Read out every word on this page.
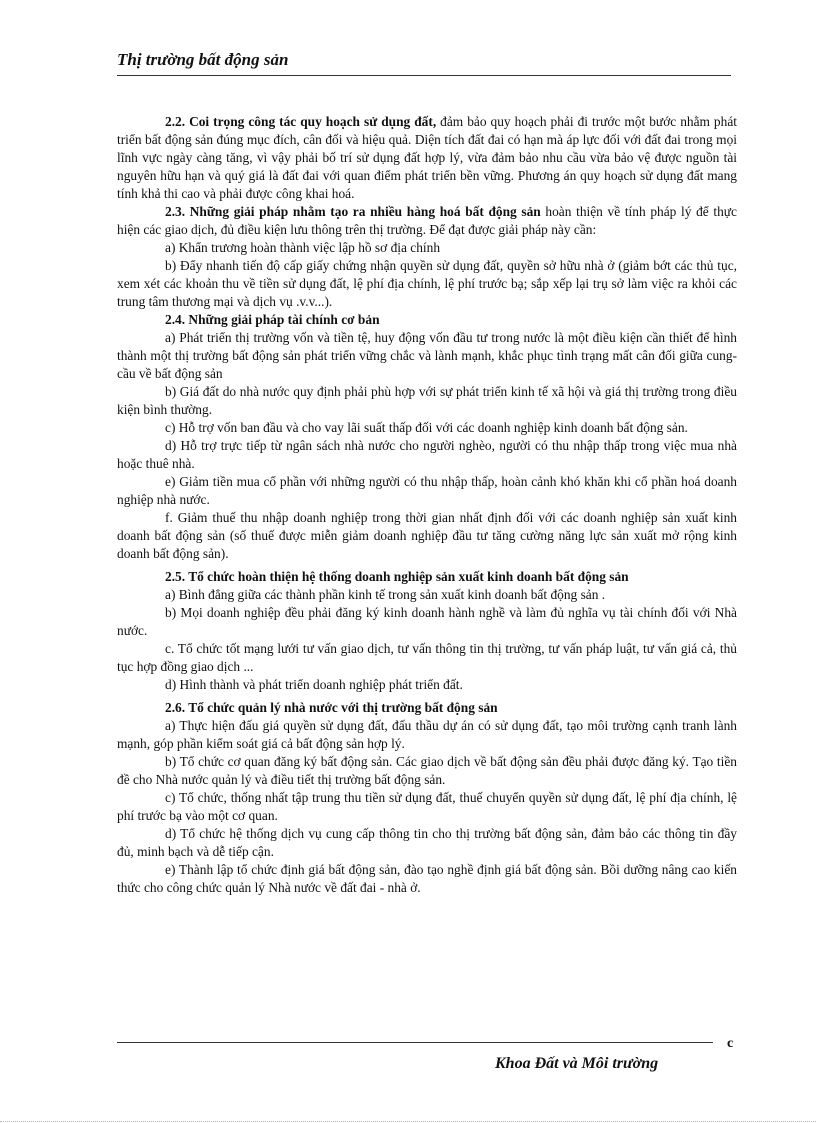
Thị trường bất động sản

2.2. Coi trọng công tác quy hoạch sử dụng đất, đảm bảo quy hoạch phải đi trước một bước nhằm phát triển bất động sản đúng mục đích, cân đối và hiệu quả. Diện tích đất đai có hạn mà áp lực đối với đất đai trong mọi lĩnh vực ngày càng tăng, vì vậy phải bố trí sử dụng đất hợp lý, vừa đảm bảo nhu cầu vừa bảo vệ được nguồn tài nguyên hữu hạn và quý giá là đất đai với quan điểm phát triển bền vững. Phương án quy hoạch sử dụng đất mang tính khả thi cao và phải được công khai hoá.

2.3. Những giải pháp nhằm tạo ra nhiều hàng hoá bất động sản hoàn thiện về tính pháp lý để thực hiện các giao dịch, đủ điều kiện lưu thông trên thị trường. Để đạt được giải pháp này cần:

a) Khẩn trương hoàn thành việc lập hồ sơ địa chính

b) Đẩy nhanh tiến độ cấp giấy chứng nhận quyền sử dụng đất, quyền sở hữu nhà ở (giảm bớt các thủ tục, xem xét các khoản thu về tiền sử dụng đất, lệ phí địa chính, lệ phí trước bạ; sắp xếp lại trụ sở làm việc ra khỏi các trung tâm thương mại và dịch vụ .v.v...).

2.4. Những giải pháp tài chính cơ bản

a) Phát triển thị trường vốn và tiền tệ, huy động vốn đầu tư trong nước là một điều kiện cần thiết để hình thành một thị trường bất động sản phát triển vững chắc và lành mạnh, khắc phục tình trạng mất cân đối giữa cung-cầu về bất động sản

b) Giá đất do nhà nước quy định phải phù hợp với sự phát triển kinh tế xã hội và giá thị trường trong điều kiện bình thường.

c) Hỗ trợ vốn ban đầu và cho vay lãi suất thấp đối với các doanh nghiệp kinh doanh bất động sản.

d) Hỗ trợ trực tiếp từ ngân sách nhà nước cho người nghèo, người có thu nhập thấp trong việc mua nhà hoặc thuê nhà.

e) Giảm tiền mua cổ phần với những người có thu nhập thấp, hoàn cảnh khó khăn khi cổ phần hoá doanh nghiệp nhà nước.

f. Giảm thuế thu nhập doanh nghiệp trong thời gian nhất định đối với các doanh nghiệp sản xuất kinh doanh bất động sản (số thuế được miễn giảm doanh nghiệp đầu tư tăng cường năng lực sản xuất mở rộng kinh doanh bất động sản).

2.5. Tổ chức hoàn thiện hệ thống doanh nghiệp sản xuất kinh doanh bất động sản

a) Bình đẳng giữa các thành phần kinh tế trong sản xuất kinh doanh bất động sản .

b) Mọi doanh nghiệp đều phải đăng ký kinh doanh hành nghề và làm đủ nghĩa vụ tài chính đối với Nhà nước.

c. Tổ chức tốt mạng lưới tư vấn giao dịch, tư vấn thông tin thị trường, tư vấn pháp luật, tư vấn giá cả, thủ tục hợp đồng giao dịch ...

d) Hình thành và phát triển doanh nghiệp phát triển đất.

2.6. Tổ chức quản lý nhà nước với thị trường bất động sản

a) Thực hiện đấu giá quyền sử dụng đất, đấu thầu dự án có sử dụng đất, tạo môi trường cạnh tranh lành mạnh, góp phần kiểm soát giá cả bất động sản hợp lý.

b) Tổ chức cơ quan đăng ký bất động sản. Các giao dịch về bất động sản đều phải được đăng ký. Tạo tiền đề cho Nhà nước quản lý và điều tiết thị trường bất động sản.

c) Tổ chức, thống nhất tập trung thu tiền sử dụng đất, thuế chuyển quyền sử dụng đất, lệ phí địa chính, lệ phí trước bạ vào một cơ quan.

d) Tổ chức hệ thống dịch vụ cung cấp thông tin cho thị trường bất động sản, đảm bảo các thông tin đầy đủ, minh bạch và dễ tiếp cận.

e) Thành lập tổ chức định giá bất động sản, đào tạo nghề định giá bất động sản. Bồi dưỡng nâng cao kiến thức cho công chức quản lý Nhà nước về đất đai - nhà ở.

c
Khoa Đất và Môi trường
